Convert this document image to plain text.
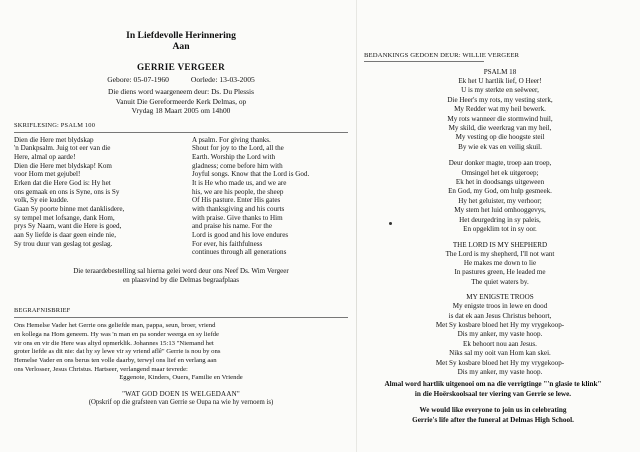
In Liefdevolle Herinnering
Aan
GERRIE VERGEER
Gebore: 05-07-1960	Oorlede: 13-03-2005
Die diens word waargeneem deur: Ds. Du Plessis
Vanuit Die Gereformeerde Kerk Delmas, op
Vrydag 18 Maart 2005 om 14h00
SKRIFLESING: PSALM 100
Dien die Here met blydskap
'n Dankpsalm. Juig tot eer van die
Here, almal op aarde!
Dien die Here met blydskap! Kom
voor Hom met gejubel!
Erken dat die Here God is: Hy het
ons gemaak en ons is Syne, ons is Sy
volk, Sy eie kudde.
Gaan Sy poorte binne met danklisdere,
sy tempel met lofsange, dank Hom,
prys Sy Naam, want die Here is goed,
aan Sy liefde is daar geen einde nie,
Sy trou duur van geslag tot geslag.
A psalm. For giving thanks.
Shout for joy to the Lord, all the
Earth. Worship the Lord with
gladness; come before him with
Joyful songs. Know that the Lord is God.
It is He who made us, and we are
his, we are his people, the sheep
Of His pasture. Enter His gates
with thanksgiving and his courts
with praise. Give thanks to Him
and praise his name. For the
Lord is good and his love endures
For ever, his faithfulness
continues through all generations
Die teraardebestelling sal hierna gelei word deur ons Neef Ds. Wim Vergeer
en plaasvind by die Delmas begraafplaas
BEGRAFNISBRIEF
Ons Hemelse Vader het Gerrie ons geliefde man, pappa, seun, broer, vriend
en kollega na Hom geneem. Hy was 'n man en pa sonder weerga en sy liefde
vir ons en vir die Here was altyd opmerklik. Johannes 15:13 "Niemand het
groter liefde as dit nie: dat hy sy lewe vir sy vriend aflê" Gerrie is nou by ons
Hemelse Vader en ons berus ten volle daarby, terwyl ons lief en verlang aan
ons Verlosser, Jesus Christus. Hartseer, verlangend maar tevrede:
Eggenote, Kinders, Ouers, Familie en Vriende
"WAT GOD DOEN IS WELGEDAAN"
(Opskrif op die grafsteen van Gerrie se Oupa na wie hy vernoem is)
BEDANKINGS GEDOEN DEUR: WILLIE VERGEER
PSALM 18
Ek het U hartlik lief, O Heer!
U is my sterkte en seëweer,
Die Heer's my rots, my vesting sterk,
My Redder wat my heil bewerk.
My rots wanneer die stormwind huil,
My skild, die weerkrag van my heil,
My vesting op die hoogste steil
By wie ek vas en veilig skuil.
Deur donker magte, troep aan troep,
Omsingel het ek uitgeroep;
Ek het in doodsangs uitgeween
En God, my God, om hulp gesmeek.
Hy het geluister, my verhoor;
My stem het luid omhooggevys,
Het deurgedring in sy paleis,
En opgeklim tot in sy oor.
THE LORD IS MY SHEPHERD
The Lord is my shepherd, I'll not want
He makes me down to lie
In pastures green, He leaded me
The quiet waters by.
MY ENIGSTE TROOS
My enigste troos in lewe en dood
is dat ek aan Jesus Christus behoort,
Met Sy kosbare bloed het Hy my vrygekoop-
Dis my anker, my vaste hoop.
Ek behoort nou aan Jesus.
Niks sal my ooit van Hom kan skei.
Met Sy kosbare bloed het Hy my vrygekoop-
Dis my anker, my vaste hoop.
Almal word hartlik uitgenooi om na die verrigtinge "'n glasie te klink"
in die Hoërskoolsaal ter viering van Gerrie se lewe.
We would like everyone to join us in celebrating
Gerrie's life after the funeral at Delmas High School.
